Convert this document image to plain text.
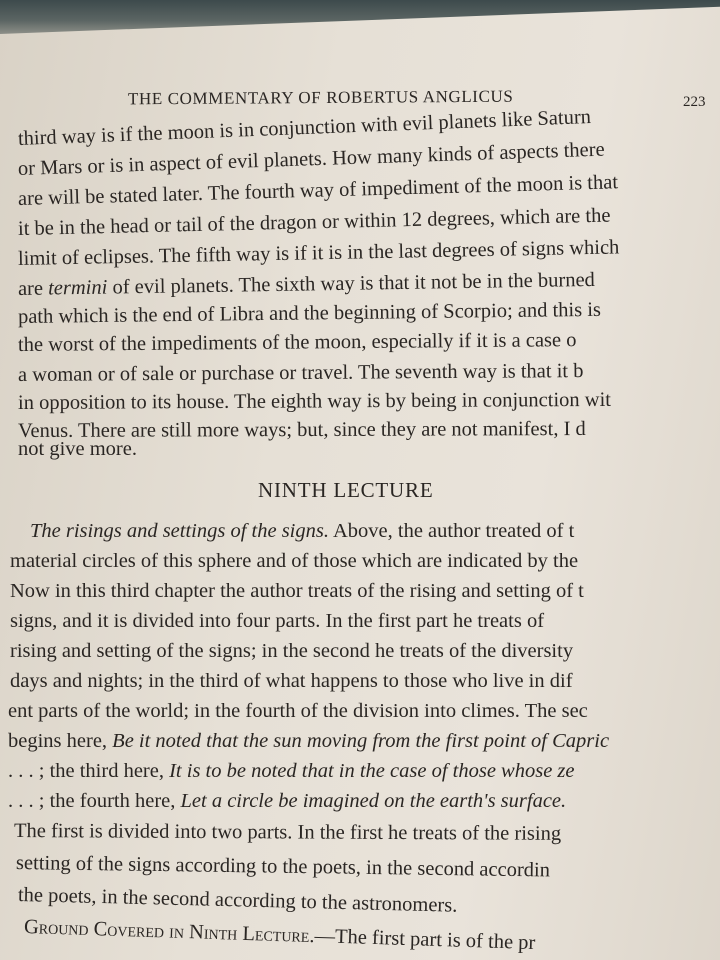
THE COMMENTARY OF ROBERTUS ANGLICUS	223
third way is if the moon is in conjunction with evil planets like Saturn
or Mars or is in aspect of evil planets. How many kinds of aspects there
are will be stated later. The fourth way of impediment of the moon is that
it be in the head or tail of the dragon or within 12 degrees, which are the
limit of eclipses. The fifth way is if it is in the last degrees of signs which
are termini of evil planets. The sixth way is that it not be in the burned
path which is the end of Libra and the beginning of Scorpio; and this is
the worst of the impediments of the moon, especially if it is a case o
a woman or of sale or purchase or travel. The seventh way is that it b
in opposition to its house. The eighth way is by being in conjunction wit
Venus. There are still more ways; but, since they are not manifest, I d
not give more.
NINTH LECTURE
The risings and settings of the signs. Above, the author treated of t
material circles of this sphere and of those which are indicated by the
Now in this third chapter the author treats of the rising and setting of t
signs, and it is divided into four parts. In the first part he treats of
rising and setting of the signs; in the second he treats of the diversity
days and nights; in the third of what happens to those who live in dif
ent parts of the world; in the fourth of the division into climes. The sec
begins here, Be it noted that the sun moving from the first point of Capric
. . . ; the third here, It is to be noted that in the case of those whose ze
. . . ; the fourth here, Let a circle be imagined on the earth's surface.
The first is divided into two parts. In the first he treats of the rising
setting of the signs according to the poets, in the second accordin
the poets, in the second according to the astronomers.
Ground Covered in Ninth Lecture.—The first part is of the pr
